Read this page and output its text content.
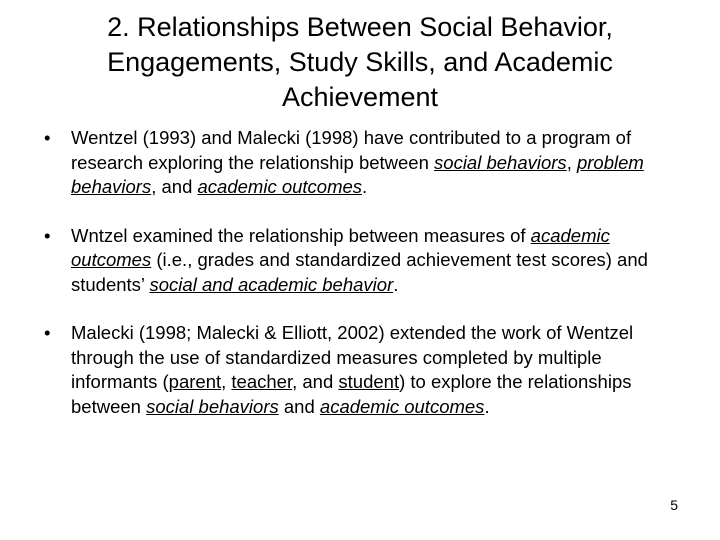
2. Relationships Between Social Behavior,
Engagements, Study Skills, and Academic
Achievement
• Wentzel (1993) and Malecki (1998) have contributed to a program of research exploring the relationship between social behaviors, problem behaviors, and academic outcomes.
• Wntzel examined the relationship between measures of academic outcomes (i.e., grades and standardized achievement test scores) and students’ social and academic behavior.
• Malecki (1998; Malecki & Elliott, 2002) extended the work of Wentzel through the use of standardized measures completed by multiple informants (parent, teacher, and student) to explore the relationships between social behaviors and academic outcomes.
5
